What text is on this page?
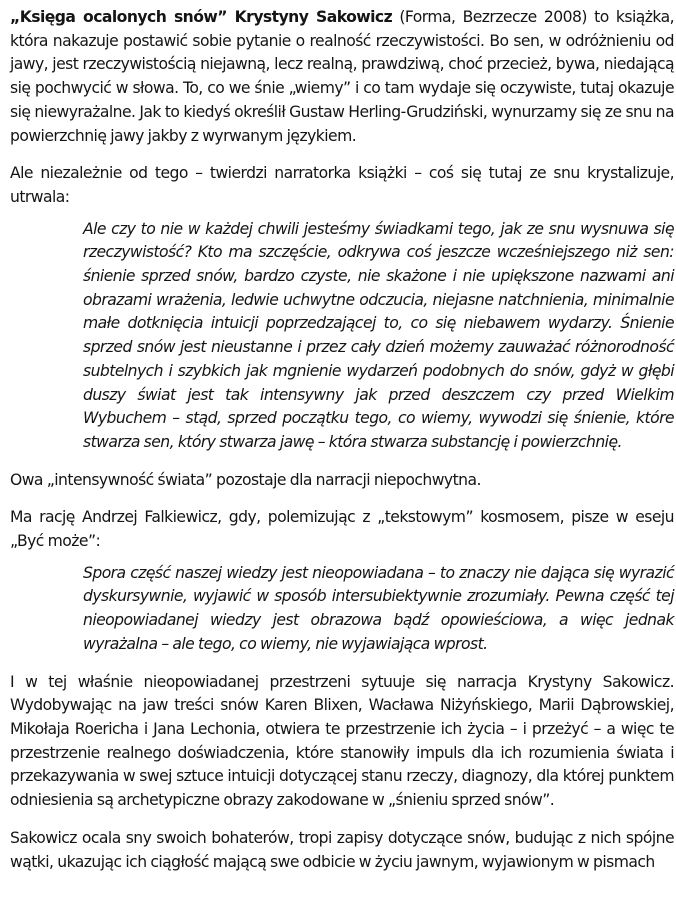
„Księga ocalonych snów” Krystyny Sakowicz (Forma, Bezrzecze 2008) to książka, która nakazuje postawić sobie pytanie o realność rzeczywistości. Bo sen, w odróżnieniu od jawy, jest rzeczywistością niejawną, lecz realną, prawdziwą, choć przecież, bywa, niedającą się pochwycić w słowa. To, co we śnie „wiemy” i co tam wydaje się oczywiste, tutaj okazuje się niewyrażalne. Jak to kiedyś określił Gustaw Herling-Grudziński, wynurzamy się ze snu na powierzchnię jawy jakby z wyrwanym językiem.

Ale niezależnie od tego – twierdzi narratorka książki – coś się tutaj ze snu krystalizuje, utrwala:

Ale czy to nie w każdej chwili jesteśmy świadkami tego, jak ze snu wysnuwa się rzeczywistość? Kto ma szczęście, odkrywa coś jeszcze wcześniejszego niż sen: śnienie sprzed snów, bardzo czyste, nie skażone i nie upiększone nazwami ani obrazami wrażenia, ledwie uchwytne odczucia, niejasne natchnienia, minimalnie małe dotknięcia intuicji poprzedzającej to, co się niebawem wydarzy. Śnienie sprzed snów jest nieustanne i przez cały dzień możemy zauważać różnorodność subtelnych i szybkich jak mgnienie wydarzeń podobnych do snów, gdyż w głębi duszy świat jest tak intensywny jak przed deszczem czy przed Wielkim Wybuchem – stąd, sprzed początku tego, co wiemy, wywodzi się śnienie, które stwarza sen, który stwarza jawę – która stwarza substancję i powierzchnię.

Owa „intensywność świata” pozostaje dla narracji niepochwytna.

Ma rację Andrzej Falkiewicz, gdy, polemizując z „tekstowym” kosmosem, pisze w eseju „Być może”:

Spora część naszej wiedzy jest nieopowiadana – to znaczy nie dająca się wyrazić dyskursywnie, wyjawić w sposób intersubiektywnie zrozumiały. Pewna część tej nieopowiadanej wiedzy jest obrazowa bądź opowieściowa, a więc jednak wyrażalna – ale tego, co wiemy, nie wyjawiająca wprost.

I w tej właśnie nieopowiadanej przestrzeni sytuuje się narracja Krystyny Sakowicz. Wydobywając na jaw treści snów Karen Blixen, Wacława Niżyńskiego, Marii Dąbrowskiej, Mikołaja Roericha i Jana Lechonia, otwiera te przestrzenie ich życia – i przeżyć – a więc te przestrzenie realnego doświadczenia, które stanowiły impuls dla ich rozumienia świata i przekazywania w swej sztuce intuicji dotyczącej stanu rzeczy, diagnozy, dla której punktem odniesienia są archetypiczne obrazy zakodowane w „śnieniu sprzed snów”.

Sakowicz ocala sny swoich bohaterów, tropi zapisy dotyczące snów, budując z nich spójne wątki, ukazując ich ciągłość mającą swe odbicie w życiu jawnym, wyjawionym w pismach
